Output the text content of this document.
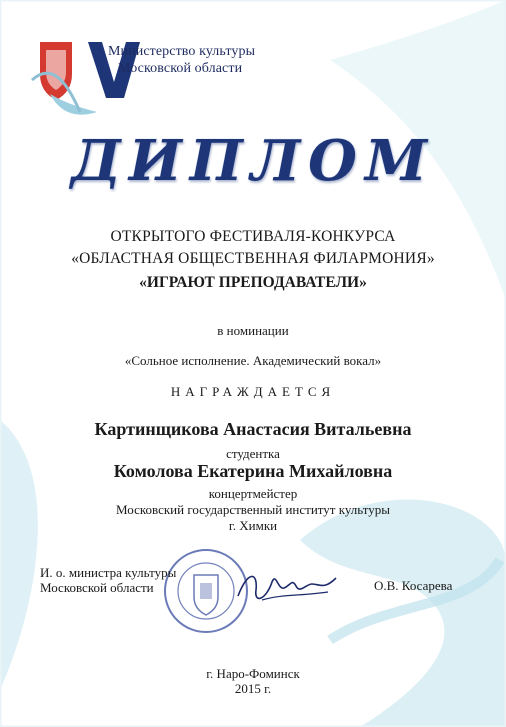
Министерство культуры
Московской области
ДИПЛОМ
ОТКРЫТОГО ФЕСТИВАЛЯ-КОНКУРСА
«ОБЛАСТНАЯ ОБЩЕСТВЕННАЯ ФИЛАРМОНИЯ»
«ИГРАЮТ ПРЕПОДАВАТЕЛИ»
в номинации
«Сольное исполнение. Академический вокал»
НАГРАЖДАЕТСЯ
Картинщикова Анастасия Витальевна
студентка
Комолова Екатерина Михайловна
концертмейстер
Московский государственный институт культуры
г. Химки
И. о. министра культуры
Московской области	О.В. Косарева
г. Наро-Фоминск
2015 г.
